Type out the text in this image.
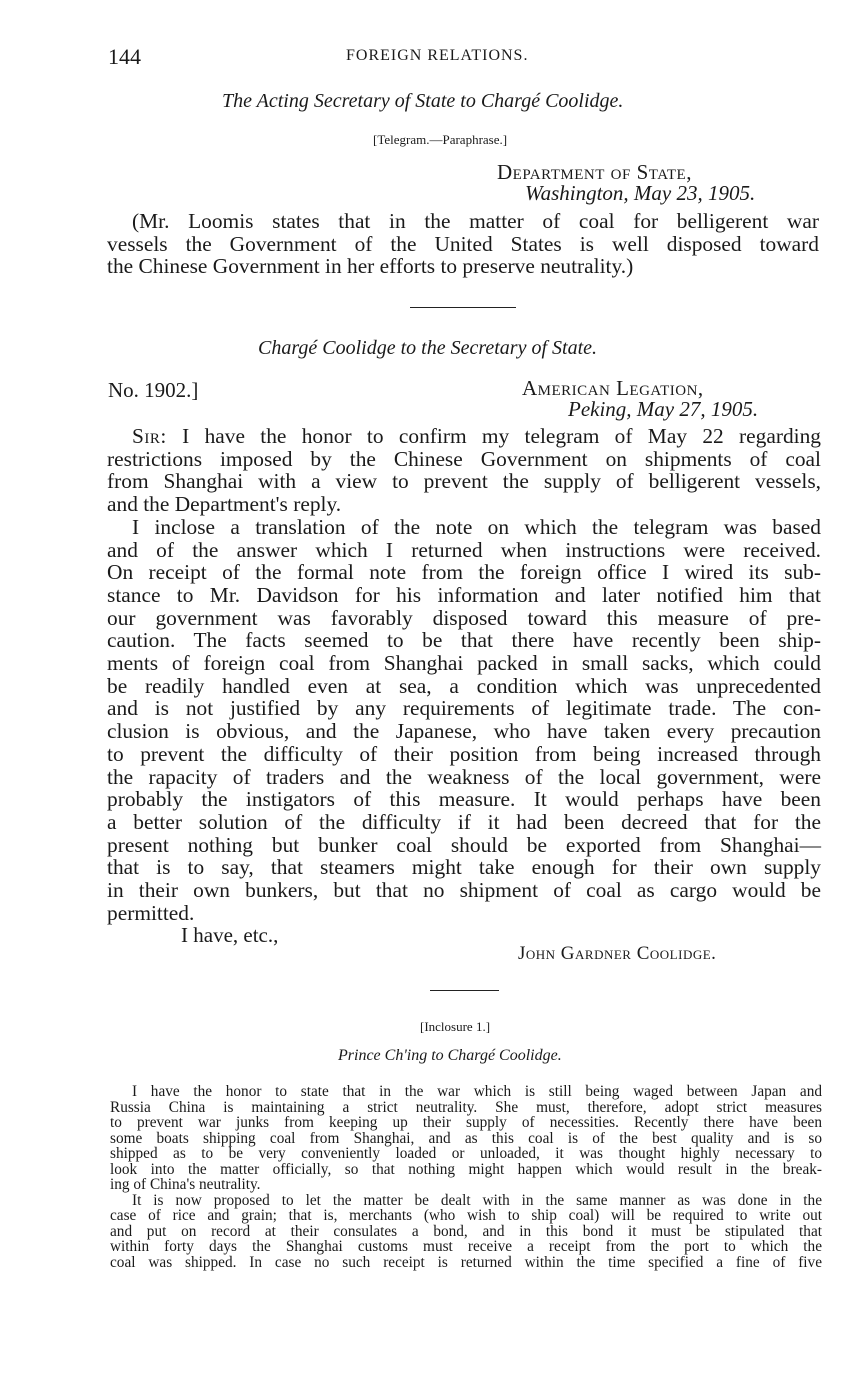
144	FOREIGN RELATIONS.
The Acting Secretary of State to Chargé Coolidge.
[Telegram.—Paraphrase.]
Department of State,
Washington, May 23, 1905.
(Mr. Loomis states that in the matter of coal for belligerent war
vessels the Government of the United States is well disposed toward
the Chinese Government in her efforts to preserve neutrality.)
Chargé Coolidge to the Secretary of State.
No. 1902.]	American Legation,
Peking, May 27, 1905.
Sir: I have the honor to confirm my telegram of May 22 regarding
restrictions imposed by the Chinese Government on shipments of coal
from Shanghai with a view to prevent the supply of belligerent vessels,
and the Department's reply.
I inclose a translation of the note on which the telegram was based
and of the answer which I returned when instructions were received.
On receipt of the formal note from the foreign office I wired its sub-
stance to Mr. Davidson for his information and later notified him that
our government was favorably disposed toward this measure of pre-
caution. The facts seemed to be that there have recently been ship-
ments of foreign coal from Shanghai packed in small sacks, which could
be readily handled even at sea, a condition which was unprecedented
and is not justified by any requirements of legitimate trade. The con-
clusion is obvious, and the Japanese, who have taken every precaution
to prevent the difficulty of their position from being increased through
the rapacity of traders and the weakness of the local government, were
probably the instigators of this measure. It would perhaps have been
a better solution of the difficulty if it had been decreed that for the
present nothing but bunker coal should be exported from Shanghai—
that is to say, that steamers might take enough for their own supply
in their own bunkers, but that no shipment of coal as cargo would be
permitted.
I have, etc.,
John Gardner Coolidge.
[Inclosure 1.]
Prince Ch'ing to Chargé Coolidge.
I have the honor to state that in the war which is still being waged between Japan and
Russia China is maintaining a strict neutrality. She must, therefore, adopt strict measures
to prevent war junks from keeping up their supply of necessities. Recently there have been
some boats shipping coal from Shanghai, and as this coal is of the best quality and is so
shipped as to be very conveniently loaded or unloaded, it was thought highly necessary to
look into the matter officially, so that nothing might happen which would result in the break-
ing of China's neutrality.
It is now proposed to let the matter be dealt with in the same manner as was done in the
case of rice and grain; that is, merchants (who wish to ship coal) will be required to write out
and put on record at their consulates a bond, and in this bond it must be stipulated that
within forty days the Shanghai customs must receive a receipt from the port to which the
coal was shipped. In case no such receipt is returned within the time specified a fine of five
